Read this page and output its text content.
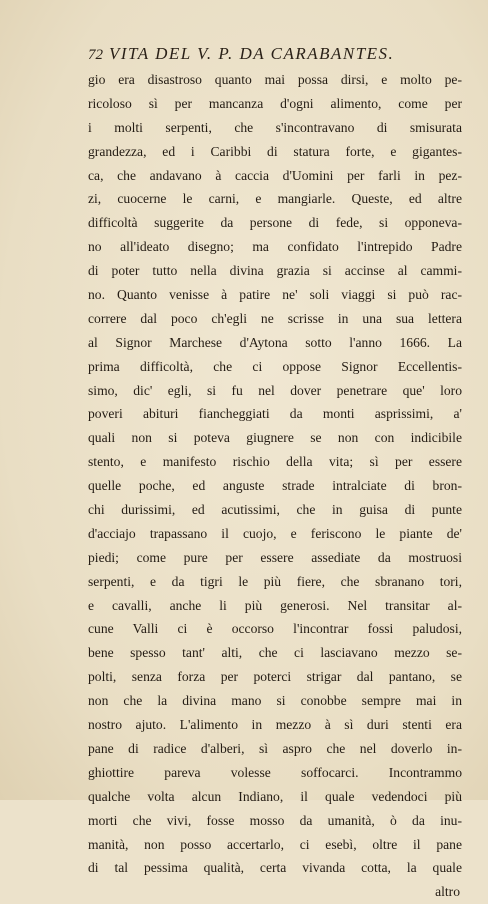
72 VITA DEL V. P. DA CARABANTES.
gio era disastroso quanto mai possa dirsi, e molto pe-
ricoloso sì per mancanza d'ogni alimento, come per
i molti serpenti, che s'incontravano di smisurata
grandezza, ed i Caribbi di statura forte, e gigantes-
ca, che andavano à caccia d'Uomini per farli in pez-
zi, cuocerne le carni, e mangiarle. Queste, ed altre
difficoltà suggerite da persone di fede, si opponeva-
no all'ideato disegno; ma confidato l'intrepido Padre
di poter tutto nella divina grazia si accinse al cammi-
no. Quanto venisse à patire ne' soli viaggi si può rac-
correre dal poco ch'egli ne scrisse in una sua lettera
al Signor Marchese d'Aytona sotto l'anno 1666. La
prima difficoltà, che ci oppose Signor Eccellentis-
simo, dic' egli, si fu nel dover penetrare que' loro
poveri abituri fiancheggiati da monti asprissimi, a'
quali non si poteva giugnere se non con indicibile
stento, e manifesto rischio della vita; sì per essere
quelle poche, ed anguste strade intralciate di bron-
chi durissimi, ed acutissimi, che in guisa di punte
d'acciajo trapassano il cuojo, e feriscono le piante de'
piedi; come pure per essere assediate da mostruosi
serpenti, e da tigri le più fiere, che sbranano tori,
e cavalli, anche li più generosi. Nel transitar al-
cune Valli ci è occorso l'incontrar fossi paludosi,
bene spesso tant' alti, che ci lasciavano mezzo se-
polti, senza forza per poterci strigar dal pantano, se
non che la divina mano si conobbe sempre mai in
nostro ajuto. L'alimento in mezzo à sì duri stenti era
pane di radice d'alberi, sì aspro che nel doverlo in-
ghiottire pareva volesse soffocarci. Incontrammo
qualche volta alcun Indiano, il quale vedendoci più
morti che vivi, fosse mosso da umanità, ò da inu-
manità, non posso accertarlo, ci esebì, oltre il pane
di tal pessima qualità, certa vivanda cotta, la quale
altro
